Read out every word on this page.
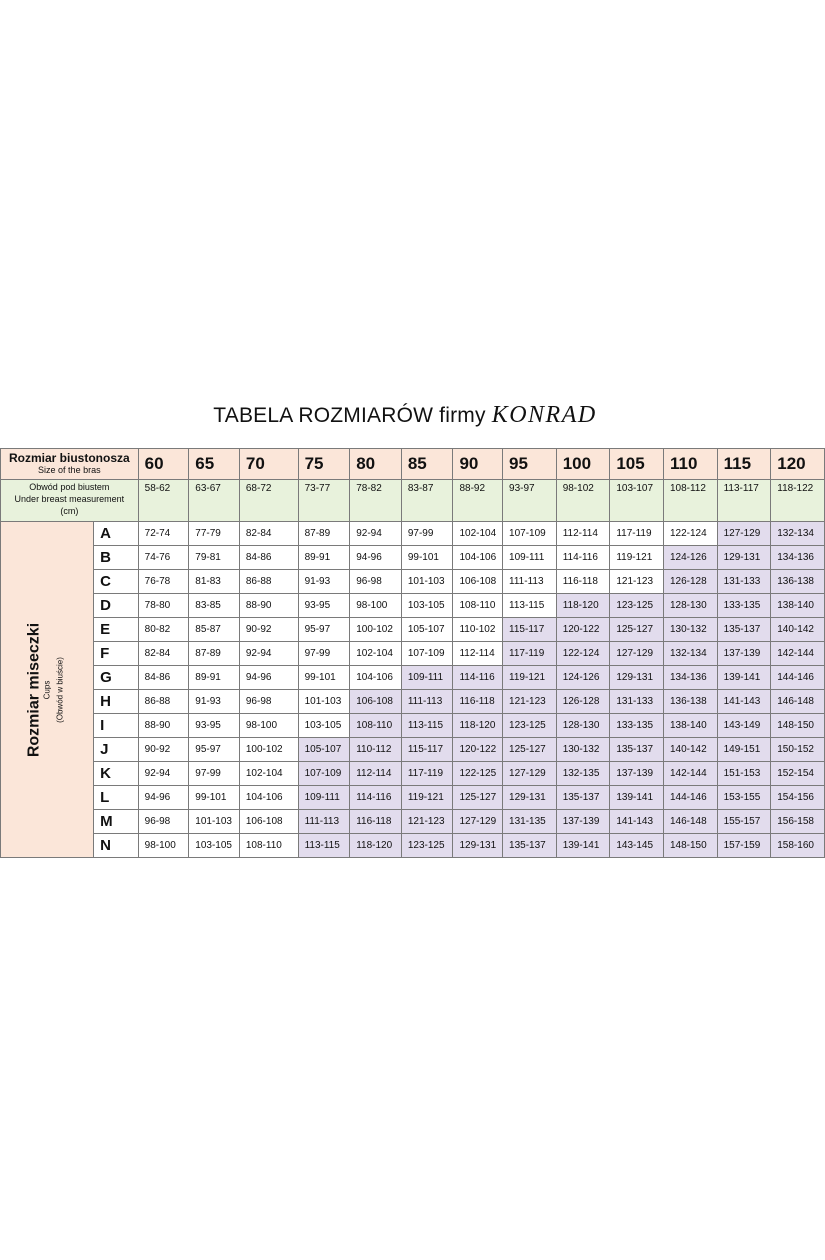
TABELA ROZMIARÓW firmy KONRAD
Rozmiar biustonosza
Size of the bras		60	65	70	75	80	85	90	95	100	105	110	115	120
Obwód pod biustem
Under breast measurement
(cm)		58-62	63-67	68-72	73-77	78-82	83-87	88-92	93-97	98-102	103-107	108-112	113-117	118-122

Rozmiar miseczki Cups (Obwód w biuście)	A	72-74	77-79	82-84	87-89	92-94	97-99	102-104	107-109	112-114	117-119	122-124	127-129	132-134
	B	74-76	79-81	84-86	89-91	94-96	99-101	104-106	109-111	114-116	119-121	124-126	129-131	134-136
	C	76-78	81-83	86-88	91-93	96-98	101-103	106-108	111-113	116-118	121-123	126-128	131-133	136-138
	D	78-80	83-85	88-90	93-95	98-100	103-105	108-110	113-115	118-120	123-125	128-130	133-135	138-140
	E	80-82	85-87	90-92	95-97	100-102	105-107	110-102	115-117	120-122	125-127	130-132	135-137	140-142
	F	82-84	87-89	92-94	97-99	102-104	107-109	112-114	117-119	122-124	127-129	132-134	137-139	142-144
	G	84-86	89-91	94-96	99-101	104-106	109-111	114-116	119-121	124-126	129-131	134-136	139-141	144-146
	H	86-88	91-93	96-98	101-103	106-108	111-113	116-118	121-123	126-128	131-133	136-138	141-143	146-148
	I	88-90	93-95	98-100	103-105	108-110	113-115	118-120	123-125	128-130	133-135	138-140	143-149	148-150
	J	90-92	95-97	100-102	105-107	110-112	115-117	120-122	125-127	130-132	135-137	140-142	149-151	150-152
	K	92-94	97-99	102-104	107-109	112-114	117-119	122-125	127-129	132-135	137-139	142-144	151-153	152-154
	L	94-96	99-101	104-106	109-111	114-116	119-121	125-127	129-131	135-137	139-141	144-146	153-155	154-156
	M	96-98	101-103	106-108	111-113	116-118	121-123	127-129	131-135	137-139	141-143	146-148	155-157	156-158
	N	98-100	103-105	108-110	113-115	118-120	123-125	129-131	135-137	139-141	143-145	148-150	157-159	158-160
